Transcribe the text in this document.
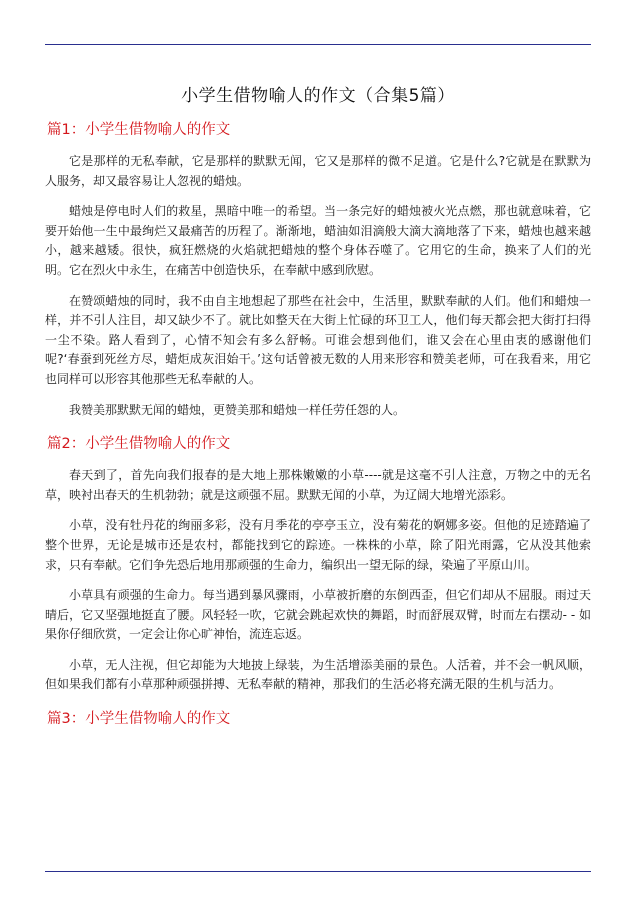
小学生借物喻人的作文（合集5篇）
篇1：小学生借物喻人的作文

它是那样的无私奉献，它是那样的默默无闻，它又是那样的微不足道。它是什么?它就是在默默为人服务，却又最容易让人忽视的蜡烛。

蜡烛是停电时人们的救星，黑暗中唯一的希望。当一条完好的蜡烛被火光点燃，那也就意味着，它要开始他一生中最绚烂又最痛苦的历程了。渐渐地，蜡油如泪滴般大滴大滴地落了下来，蜡烛也越来越小，越来越矮。很快，疯狂燃烧的火焰就把蜡烛的整个身体吞噬了。它用它的生命，换来了人们的光明。它在烈火中永生，在痛苦中创造快乐，在奉献中感到欣慰。

在赞颂蜡烛的同时，我不由自主地想起了那些在社会中，生活里，默默奉献的人们。他们和蜡烛一样，并不引人注目，却又缺少不了。就比如整天在大街上忙碌的环卫工人，他们每天都会把大街打扫得一尘不染。路人看到了，心情不知会有多么舒畅。可谁会想到他们，谁又会在心里由衷的感谢他们呢?‘春蚕到死丝方尽，蜡炬成灰泪始干。’这句话曾被无数的人用来形容和赞美老师，可在我看来，用它也同样可以形容其他那些无私奉献的人。

我赞美那默默无闻的蜡烛，更赞美那和蜡烛一样任劳任怨的人。

篇2：小学生借物喻人的作文

春天到了，首先向我们报春的是大地上那株嫩嫩的小草----就是这毫不引人注意，万物之中的无名草，映衬出春天的生机勃勃；就是这顽强不屈。默默无闻的小草，为辽阔大地增光添彩。

小草，没有牡丹花的绚丽多彩，没有月季花的亭亭玉立，没有菊花的婀娜多姿。但他的足迹踏遍了整个世界，无论是城市还是农村，都能找到它的踪迹。一株株的小草，除了阳光雨露，它从没其他索求，只有奉献。它们争先恐后地用那顽强的生命力，编织出一望无际的绿，染遍了平原山川。

小草具有顽强的生命力。每当遇到暴风骤雨，小草被折磨的东倒西歪，但它们却从不屈服。雨过天晴后，它又坚强地挺直了腰。风轻轻一吹，它就会跳起欢快的舞蹈，时而舒展双臂，时而左右摆动- - 如果你仔细欣赏，一定会让你心旷神怡，流连忘返。

小草，无人注视，但它却能为大地披上绿装，为生活增添美丽的景色。人活着，并不会一帆风顺，但如果我们都有小草那种顽强拼搏、无私奉献的精神，那我们的生活必将充满无限的生机与活力。

篇3：小学生借物喻人的作文
